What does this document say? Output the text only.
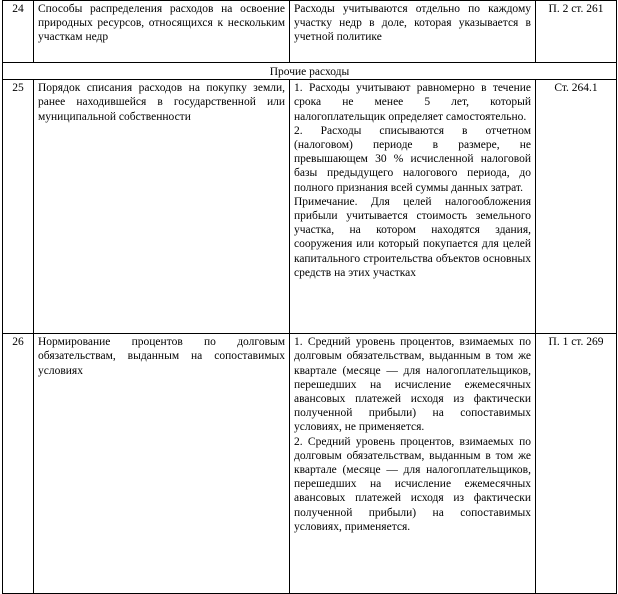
24	Способы распределения расходов на освоение природных ресурсов, относящихся к нескольким участкам недр	Расходы учитываются отдельно по каждому участку недр в доле, которая указывается в учетной политике	П. 2 ст. 261
Прочие расходы			
25	Порядок списания расходов на покупку земли, ранее находившейся в государственной или муниципальной собственности	1. Расходы учитывают равномерно в течение срока не менее 5 лет, который налогоплательщик определяет самостоятельно.
2. Расходы списываются в отчетном (налоговом) периоде в размере, не превышающем 30 % исчисленной налоговой базы предыдущего налогового периода, до полного признания всей суммы данных затрат.
Примечание. Для целей налогообложения прибыли учитывается стоимость земельного участка, на котором находятся здания, сооружения или который покупается для целей капитального строительства объектов основных средств на этих участках	Ст. 264.1
26	Нормирование процентов по долговым обязательствам, выданным на сопоставимых условиях	1. Средний уровень процентов, взимаемых по долговым обязательствам, выданным в том же квартале (месяце — для налогоплательщиков, перешедших на исчисление ежемесячных авансовых платежей исходя из фактически полученной прибыли) на сопоставимых условиях, не применяется.
2. Средний уровень процентов, взимаемых по долговым обязательствам, выданным в том же квартале (месяце — для налогоплательщиков, перешедших на исчисление ежемесячных авансовых платежей исходя из фактически полученной прибыли) на сопоставимых условиях, применяется.	П. 1 ст. 269
